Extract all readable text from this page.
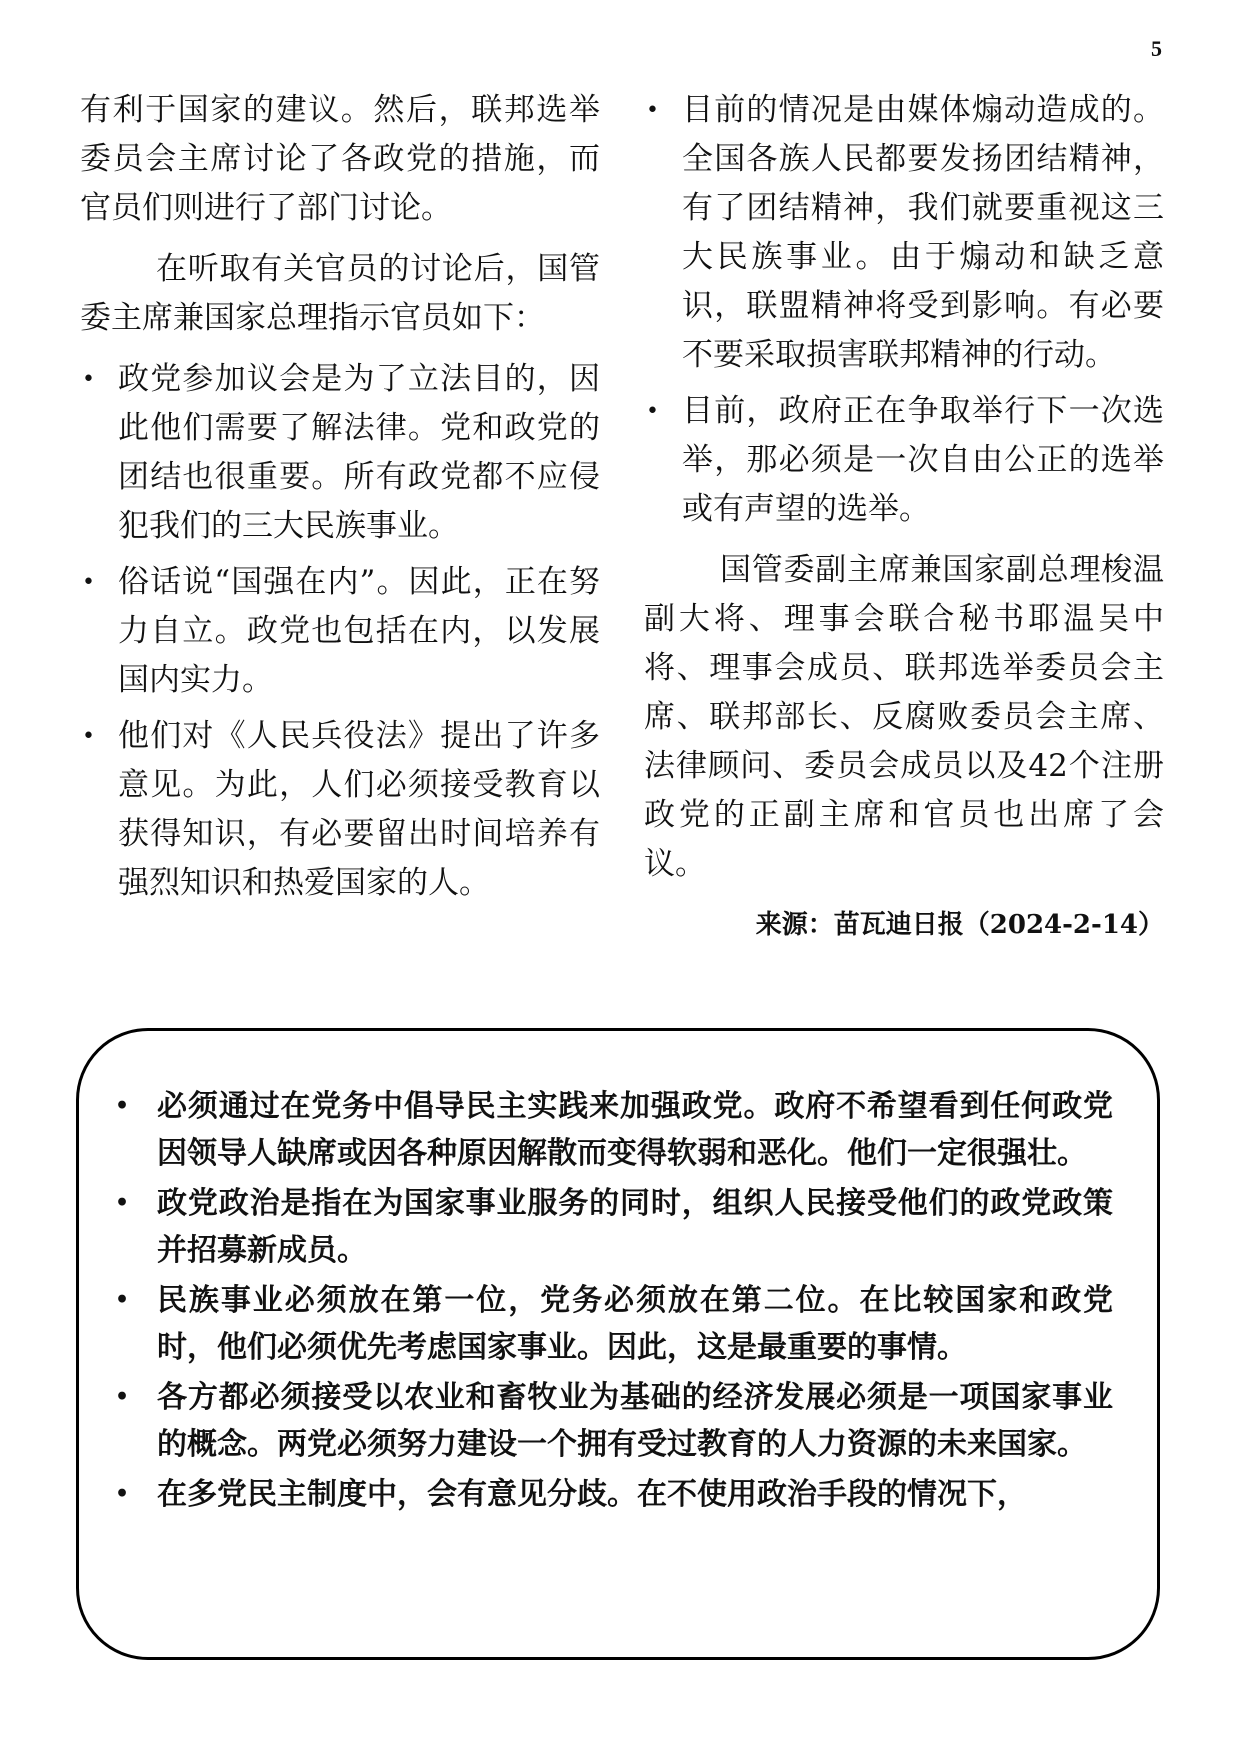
5

有利于国家的建议。然后，联邦选举委员会主席讨论了各政党的措施，而官员们则进行了部门讨论。

在听取有关官员的讨论后，国管委主席兼国家总理指示官员如下：

• 政党参加议会是为了立法目的，因此他们需要了解法律。党和政党的团结也很重要。所有政党都不应侵犯我们的三大民族事业。
• 俗话说“国强在内”。因此，正在努力自立。政党也包括在内，以发展国内实力。
• 他们对《人民兵役法》提出了许多意见。为此，人们必须接受教育以获得知识，有必要留出时间培养有强烈知识和热爱国家的人。
• 目前的情况是由媒体煽动造成的。全国各族人民都要发扬团结精神，有了团结精神，我们就要重视这三大民族事业。由于煽动和缺乏意识，联盟精神将受到影响。有必要不要采取损害联邦精神的行动。
• 目前，政府正在争取举行下一次选举，那必须是一次自由公正的选举或有声望的选举。

国管委副主席兼国家副总理梭温副大将、理事会联合秘书耶温吴中将、理事会成员、联邦选举委员会主席、联邦部长、反腐败委员会主席、法律顾问、委员会成员以及42个注册政党的正副主席和官员也出席了会议。

来源：苗瓦迪日报（2024-2-14）
• 必须通过在党务中倡导民主实践来加强政党。政府不希望看到任何政党因领导人缺席或因各种原因解散而变得软弱和恶化。他们一定很强壮。
• 政党政治是指在为国家事业服务的同时，组织人民接受他们的政党政策并招募新成员。
• 民族事业必须放在第一位，党务必须放在第二位。在比较国家和政党时，他们必须优先考虑国家事业。因此，这是最重要的事情。
• 各方都必须接受以农业和畜牧业为基础的经济发展必须是一项国家事业的概念。两党必须努力建设一个拥有受过教育的人力资源的未来国家。
• 在多党民主制度中，会有意见分歧。在不使用政治手段的情况下，
